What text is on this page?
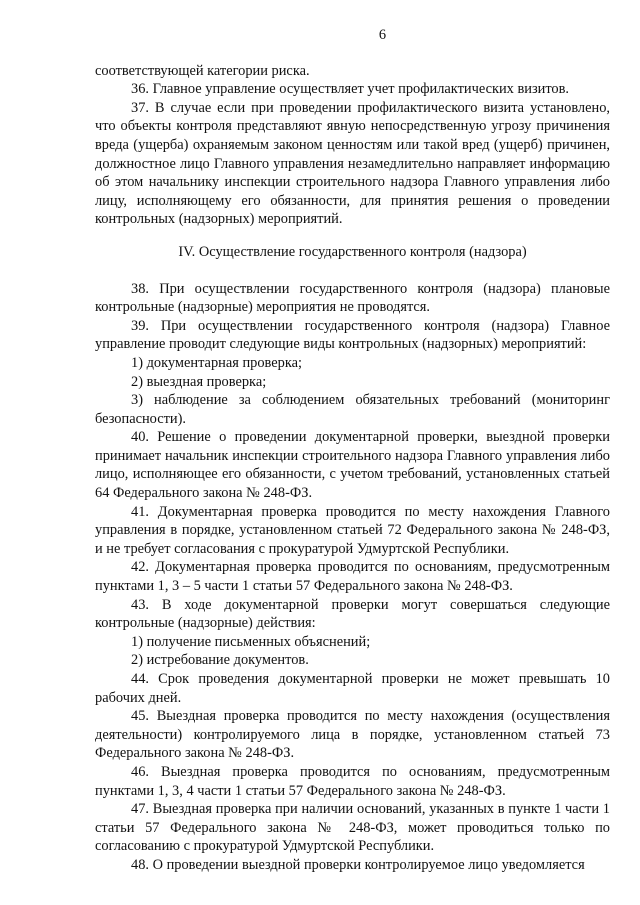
6

соответствующей категории риска.

36. Главное управление осуществляет учет профилактических визитов.

37. В случае если при проведении профилактического визита установлено, что объекты контроля представляют явную непосредственную угрозу причинения вреда (ущерба) охраняемым законом ценностям или такой вред (ущерб) причинен, должностное лицо Главного управления незамедлительно направляет информацию об этом начальнику инспекции строительного надзора Главного управления либо лицу, исполняющему его обязанности, для принятия решения о проведении контрольных (надзорных) мероприятий.

IV. Осуществление государственного контроля (надзора)

38. При осуществлении государственного контроля (надзора) плановые контрольные (надзорные) мероприятия не проводятся.

39. При осуществлении государственного контроля (надзора) Главное управление проводит следующие виды контрольных (надзорных) мероприятий:

1) документарная проверка;

2) выездная проверка;

3) наблюдение за соблюдением обязательных требований (мониторинг безопасности).

40. Решение о проведении документарной проверки, выездной проверки принимает начальник инспекции строительного надзора Главного управления либо лицо, исполняющее его обязанности, с учетом требований, установленных статьей 64 Федерального закона № 248-ФЗ.

41. Документарная проверка проводится по месту нахождения Главного управления в порядке, установленном статьей 72 Федерального закона № 248-ФЗ, и не требует согласования с прокуратурой Удмуртской Республики.

42. Документарная проверка проводится по основаниям, предусмотренным пунктами 1, 3 – 5 части 1 статьи 57 Федерального закона № 248-ФЗ.

43. В ходе документарной проверки могут совершаться следующие контрольные (надзорные) действия:

1) получение письменных объяснений;

2) истребование документов.

44. Срок проведения документарной проверки не может превышать 10 рабочих дней.

45. Выездная проверка проводится по месту нахождения (осуществления деятельности) контролируемого лица в порядке, установленном статьей 73 Федерального закона № 248-ФЗ.

46. Выездная проверка проводится по основаниям, предусмотренным пунктами 1, 3, 4 части 1 статьи 57 Федерального закона № 248-ФЗ.

47. Выездная проверка при наличии оснований, указанных в пункте 1 части 1 статьи 57 Федерального закона № 248-ФЗ, может проводиться только по согласованию с прокуратурой Удмуртской Республики.

48. О проведении выездной проверки контролируемое лицо уведомляется
